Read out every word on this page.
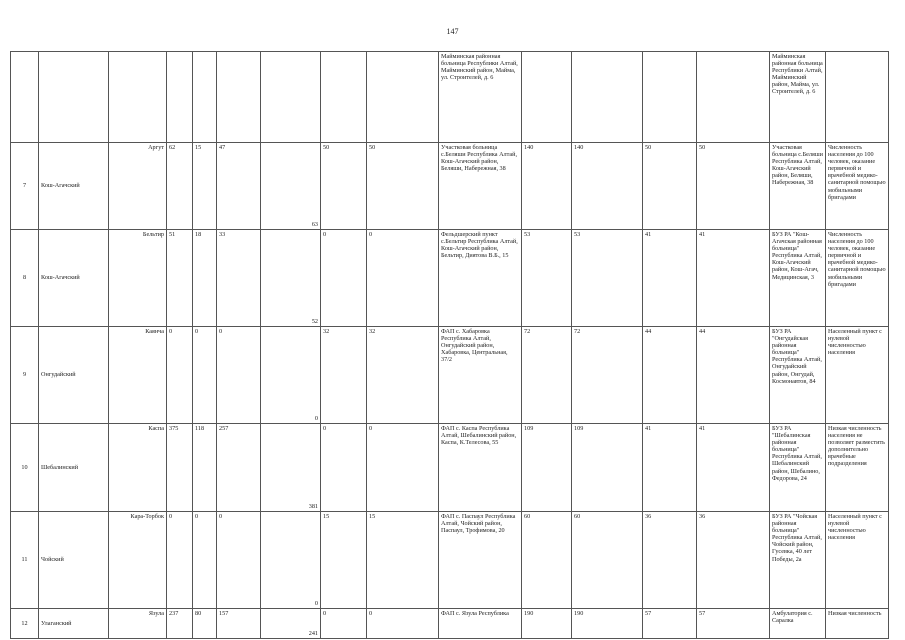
147
									Майминская районная больница Республики Алтай, Майминский район, Майма, ул. Строителей, д. 6					Майминская районная больница Республики Алтай, Майминский район, Майма, ул. Строителей, д. 6	
7	Кош-Агачский	Аргут	62	15	47	63	50	50	Участковая больница с.Беляши Республика Алтай, Кош-Агачский район, Беляши, Набережная, 38	140	140	50	50	Участковая больница с.Беляши Республика Алтай, Кош-Агачский район, Беляши, Набережная, 38	Численность населения до 100 человек, оказание первичной и врачебной медико-санитарной помощью мобильными бригадами
8	Кош-Агачский	Бельтир	51	18	33	52	0	0	Фельдшерский пункт с.Бельтир Республика Алтай, Кош-Агачский район, Бельтир, Диятова В.Б., 15	53	53	41	41	БУЗ РА "Кош-Агачская районная больница" Республика Алтай, Кош-Агачский район, Кош-Агач, Медицинская, 3	Численность населения до 100 человек, оказание первичной и врачебной медико-санитарной помощью мобильными бригадами
9	Онгудайский	Каянча	0	0	0	0	32	32	ФАП с. Хабаровка Республика Алтай, Онгудайский район, Хабаровка, Центральная, 37/2	72	72	44	44	БУЗ РА "Онгудайская районная больница" Республика Алтай, Онгудайский район, Онгудай, Космонавтов, 84	Населенный пункт с нулевой численностью населения
10	Шебалинский	Кaспа	375	118	257	381	0	0	ФАП с. Каспа Республика Алтай, Шебалинский район, Каспа, К.Телесова, 55	109	109	41	41	БУЗ РА "Шебалинская районная больница" Республика Алтай, Шебалинский район, Шебалино, Федорова, 24	Низкая численность населения не позволяет разместить дополнительно врачебные подразделения
11	Чойский	Кара-Торбок	0	0	0	0	15	15	ФАП с. Паспаул Республика Алтай, Чойский район, Паспаул, Трофимова, 20	60	60	36	36	БУЗ РА "Чойская районная больница" Республика Алтай, Чойский район, Гусевка, 40 лет Победы, 2а	Населенный пункт с нулевой численностью населения
12	Улаганский	Язула	237	80	157	241	0	0	ФАП с. Язула Республика	190	190	57	57	Амбулатория с. Саралка	Низкая численность
